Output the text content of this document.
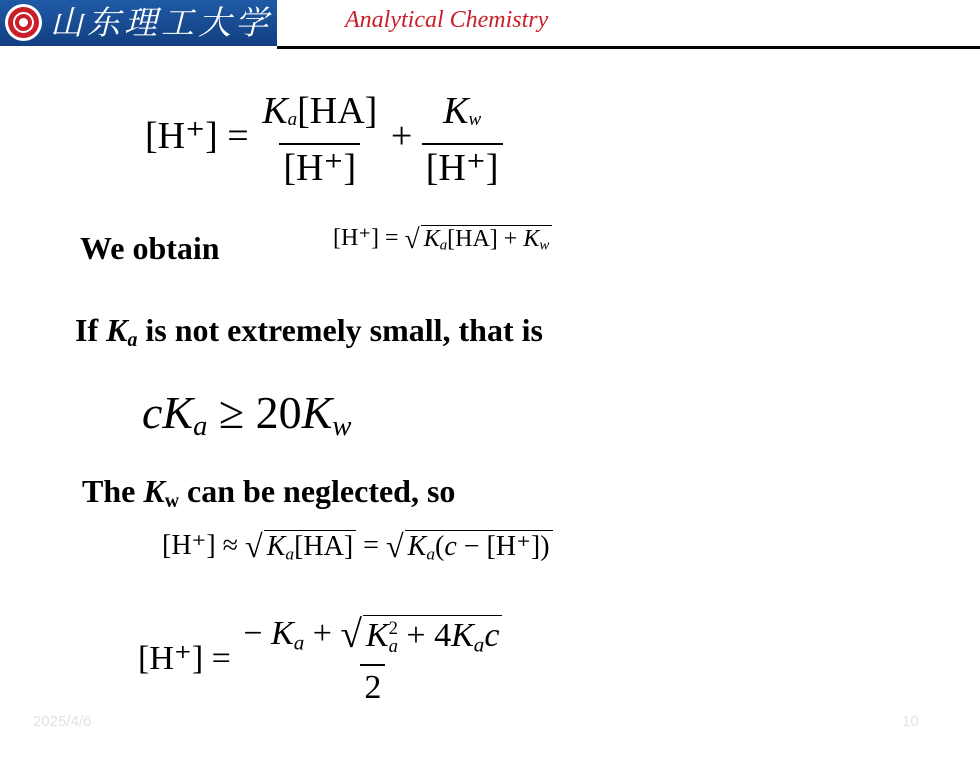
山东理工大学	Analytical Chemistry
$[H^+] = \frac{Ka[HA]}{[H^+]} + \frac{Kw}{[H^+]}$
We obtain	[H⁺] = √ $K_a[HA] + K_w$
If $K_a$ is not extremely small, that is
$cK_a \ge 20K_w$
The Kw can be neglected, so
[H⁺] ≈ √ $K_a[HA]$ = √ $K_a(c - [H^+])$
[H⁺] = − $K_a$ + √ K 2
$a + 4K_ac$
2
2025/4/6	10
